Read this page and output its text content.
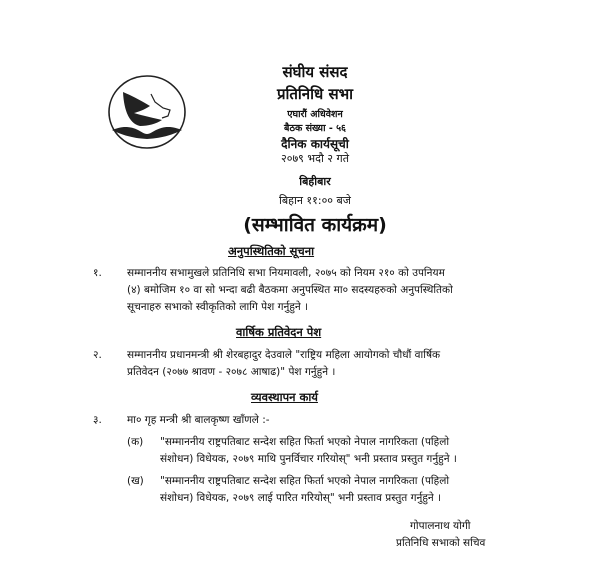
संघीय संसद
प्रतिनिधि सभा
एघारौं अधिवेशन
बैठक संख्या - ५६
दैनिक कार्यसूची
२०७९ भदौ २ गते
बिहीबार
बिहान ११:०० बजे
(सम्भावित कार्यक्रम)
अनुपस्थितिको सूचना
१. सम्माननीय सभामुखले प्रतिनिधि सभा नियमावली, २०७५ को नियम २१० को उपनियम
(४) बमोजिम १० वा सो भन्दा बढी बैठकमा अनुपस्थित मा० सदस्यहरुको अनुपस्थितिको
सूचनाहरु सभाको स्वीकृतिको लागि पेश गर्नुहुने ।
वार्षिक प्रतिवेदन पेश
२. सम्माननीय प्रधानमन्त्री श्री शेरबहादुर देउवाले "राष्ट्रिय महिला आयोगको चौधौं वार्षिक
प्रतिवेदन (२०७७ श्रावण - २०७८ आषाढ)" पेश गर्नुहुने ।
व्यवस्थापन कार्य
३. मा० गृह मन्त्री श्री बालकृष्ण खाँणले :-
(क) "सम्माननीय राष्ट्रपतिबाट सन्देश सहित फिर्ता भएको नेपाल नागरिकता (पहिलो
संशोधन) विधेयक, २०७९ माथि पुनर्विचार गरियोस्" भनी प्रस्ताव प्रस्तुत गर्नुहुने ।
(ख) "सम्माननीय राष्ट्रपतिबाट सन्देश सहित फिर्ता भएको नेपाल नागरिकता (पहिलो
संशोधन) विधेयक, २०७९ लाई पारित गरियोस्" भनी प्रस्ताव प्रस्तुत गर्नुहुने ।
गोपालनाथ योगी
प्रतिनिधि सभाको सचिव
